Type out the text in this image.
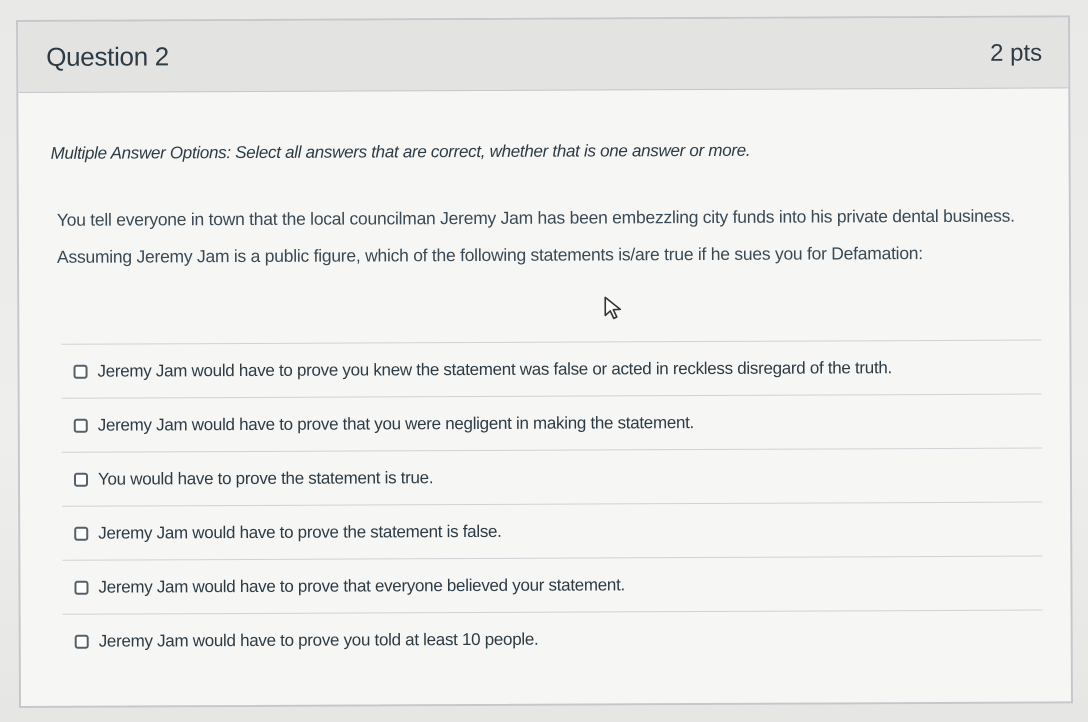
Question 2	2 pts
Multiple Answer Options: Select all answers that are correct, whether that is one answer or more.
You tell everyone in town that the local councilman Jeremy Jam has been embezzling city funds into his private dental business. Assuming Jeremy Jam is a public figure, which of the following statements is/are true if he sues you for Defamation:
Jeremy Jam would have to prove you knew the statement was false or acted in reckless disregard of the truth.
Jeremy Jam would have to prove that you were negligent in making the statement.
You would have to prove the statement is true.
Jeremy Jam would have to prove the statement is false.
Jeremy Jam would have to prove that everyone believed your statement.
Jeremy Jam would have to prove you told at least 10 people.
